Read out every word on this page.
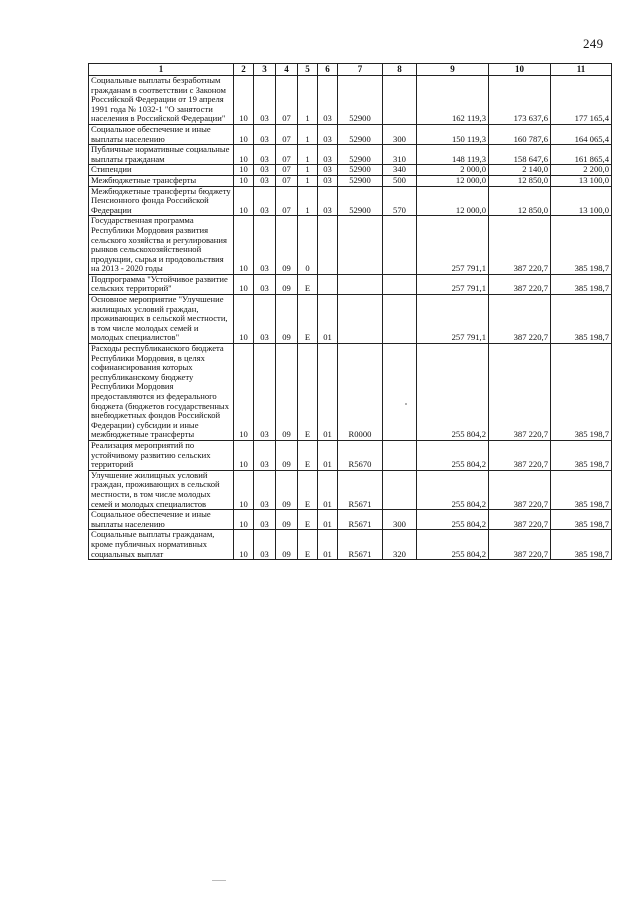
249
1	2	3	4	5	6	7	8	9	10	11
Социальные выплаты безработным гражданам в соответствии с Законом Российской Федерации от 19 апреля 1991 года № 1032-1 "О занятости населения в Российской Федерации"	10	03	07	1	03	52900		162 119,3	173 637,6	177 165,4
Социальное обеспечение и иные выплаты населению	10	03	07	1	03	52900	300	150 119,3	160 787,6	164 065,4
Публичные нормативные социальные выплаты гражданам	10	03	07	1	03	52900	310	148 119,3	158 647,6	161 865,4
Стипендии	10	03	07	1	03	52900	340	2 000,0	2 140,0	2 200,0
Межбюджетные трансферты	10	03	07	1	03	52900	500	12 000,0	12 850,0	13 100,0
Межбюджетные трансферты бюджету Пенсионного фонда Российской Федерации	10	03	07	1	03	52900	570	12 000,0	12 850,0	13 100,0
Государственная программа Республики Мордовия развития сельского хозяйства и регулирования рынков сельскохозяйственной продукции, сырья и продовольствия на 2013 - 2020 годы	10	03	09	0				257 791,1	387 220,7	385 198,7
Подпрограмма "Устойчивое развитие сельских территорий"	10	03	09	Е				257 791,1	387 220,7	385 198,7
Основное мероприятие "Улучшение жилищных условий граждан, проживающих в сельской местности, в том числе молодых семей и молодых специалистов"	10	03	09	Е	01			257 791,1	387 220,7	385 198,7
Расходы республиканского бюджета Республики Мордовия, в целях софинансирования которых республиканскому бюджету Республики Мордовия предоставляются из федерального бюджета (бюджетов государственных внебюджетных фондов Российской Федерации) субсидии и иные межбюджетные трансферты	10	03	09	Е	01	R0000		255 804,2	387 220,7	385 198,7
Реализация мероприятий по устойчивому развитию сельских территорий	10	03	09	Е	01	R5670		255 804,2	387 220,7	385 198,7
Улучшение жилищных условий граждан, проживающих в сельской местности, в том числе молодых семей и молодых специалистов	10	03	09	Е	01	R5671		255 804,2	387 220,7	385 198,7
Социальное обеспечение и иные выплаты населению	10	03	09	Е	01	R5671	300	255 804,2	387 220,7	385 198,7
Социальные выплаты гражданам, кроме публичных нормативных социальных выплат	10	03	09	Е	01	R5671	320	255 804,2	387 220,7	385 198,7
